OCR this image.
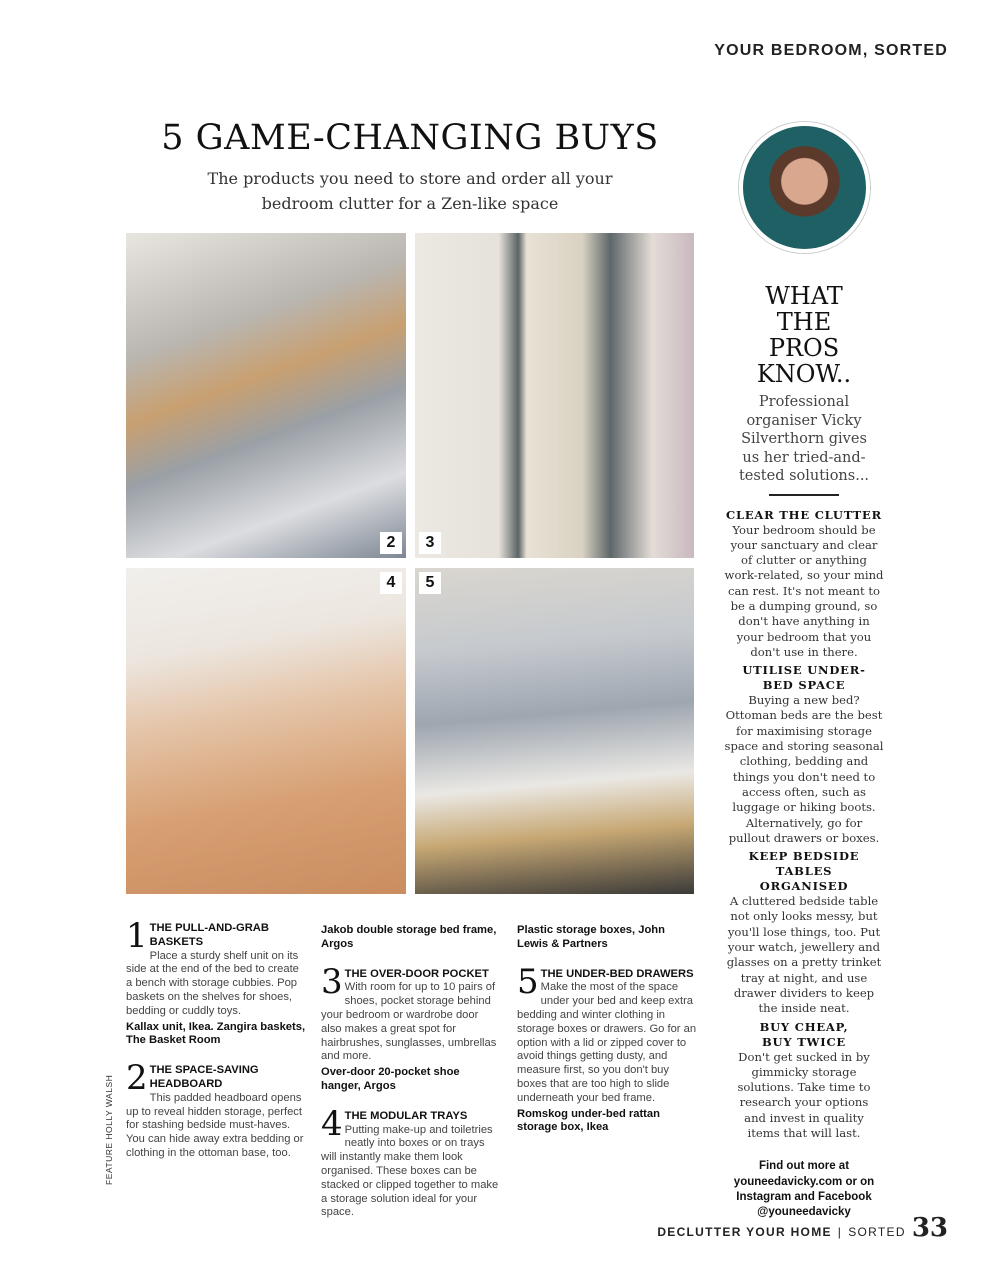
YOUR BEDROOM, SORTED
5 GAME-CHANGING BUYS

The products you need to store and order all your bedroom clutter for a Zen-like space

2	3
4	5
FEATURE HOLLY WALSH
1 THE PULL-AND-GRAB BASKETS
Place a sturdy shelf unit on its side at the end of the bed to create a bench with storage cubbies. Pop baskets on the shelves for shoes, bedding or cuddly toys.
Kallax unit, Ikea. Zangira baskets, The Basket Room
2 THE SPACE-SAVING HEADBOARD
This padded headboard opens up to reveal hidden storage, perfect for stashing bedside must-haves. You can hide away extra bedding or clothing in the ottoman base, too.
Jakob double storage bed frame, Argos
3 THE OVER-DOOR POCKET
With room for up to 10 pairs of shoes, pocket storage behind your bedroom or wardrobe door also makes a great spot for hairbrushes, sunglasses, umbrellas and more.
Over-door 20-pocket shoe hanger, Argos
4 THE MODULAR TRAYS
Putting make-up and toiletries neatly into boxes or on trays will instantly make them look organised. These boxes can be stacked or clipped together to make a storage solution ideal for your space.
Plastic storage boxes, John Lewis & Partners
5 THE UNDER-BED DRAWERS
Make the most of the space under your bed and keep extra bedding and winter clothing in storage boxes or drawers. Go for an option with a lid or zipped cover to avoid things getting dusty, and measure first, so you don't buy boxes that are too high to slide underneath your bed frame.
Romskog under-bed rattan storage box, Ikea
WHAT THE PROS KNOW..
Professional organiser Vicky Silverthorn gives us her tried-and-tested solutions...
CLEAR THE CLUTTER
Your bedroom should be your sanctuary and clear of clutter or anything work-related, so your mind can rest. It's not meant to be a dumping ground, so don't have anything in your bedroom that you don't use in there.
UTILISE UNDER-BED SPACE
Buying a new bed? Ottoman beds are the best for maximising storage space and storing seasonal clothing, bedding and things you don't need to access often, such as luggage or hiking boots. Alternatively, go for pullout drawers or boxes.
KEEP BEDSIDE TABLES ORGANISED
A cluttered bedside table not only looks messy, but you'll lose things, too. Put your watch, jewellery and glasses on a pretty trinket tray at night, and use drawer dividers to keep the inside neat.
BUY CHEAP, BUY TWICE
Don't get sucked in by gimmicky storage solutions. Take time to research your options and invest in quality items that will last.
Find out more at youneedavicky.com or on Instagram and Facebook @youneedavicky
DECLUTTER YOUR HOME | SORTED 33
